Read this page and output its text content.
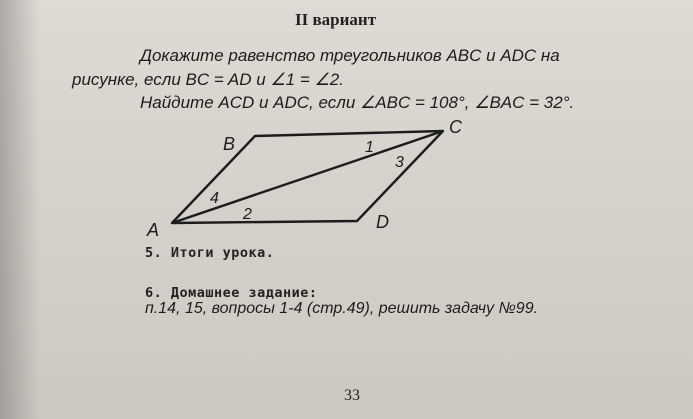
II вариант
Докажите равенство треугольников ABC и ADC на
рисунке, если BC = AD и ∠1 = ∠2.
Найдите ACD и ADC, если ∠ABC = 108°, ∠BAC = 32°.
B
C
A	D
1
2
3
4
5. Итоги урока.
6. Домашнее задание:
п.14, 15, вопросы 1-4 (стр.49), решить задачу №99.
33
